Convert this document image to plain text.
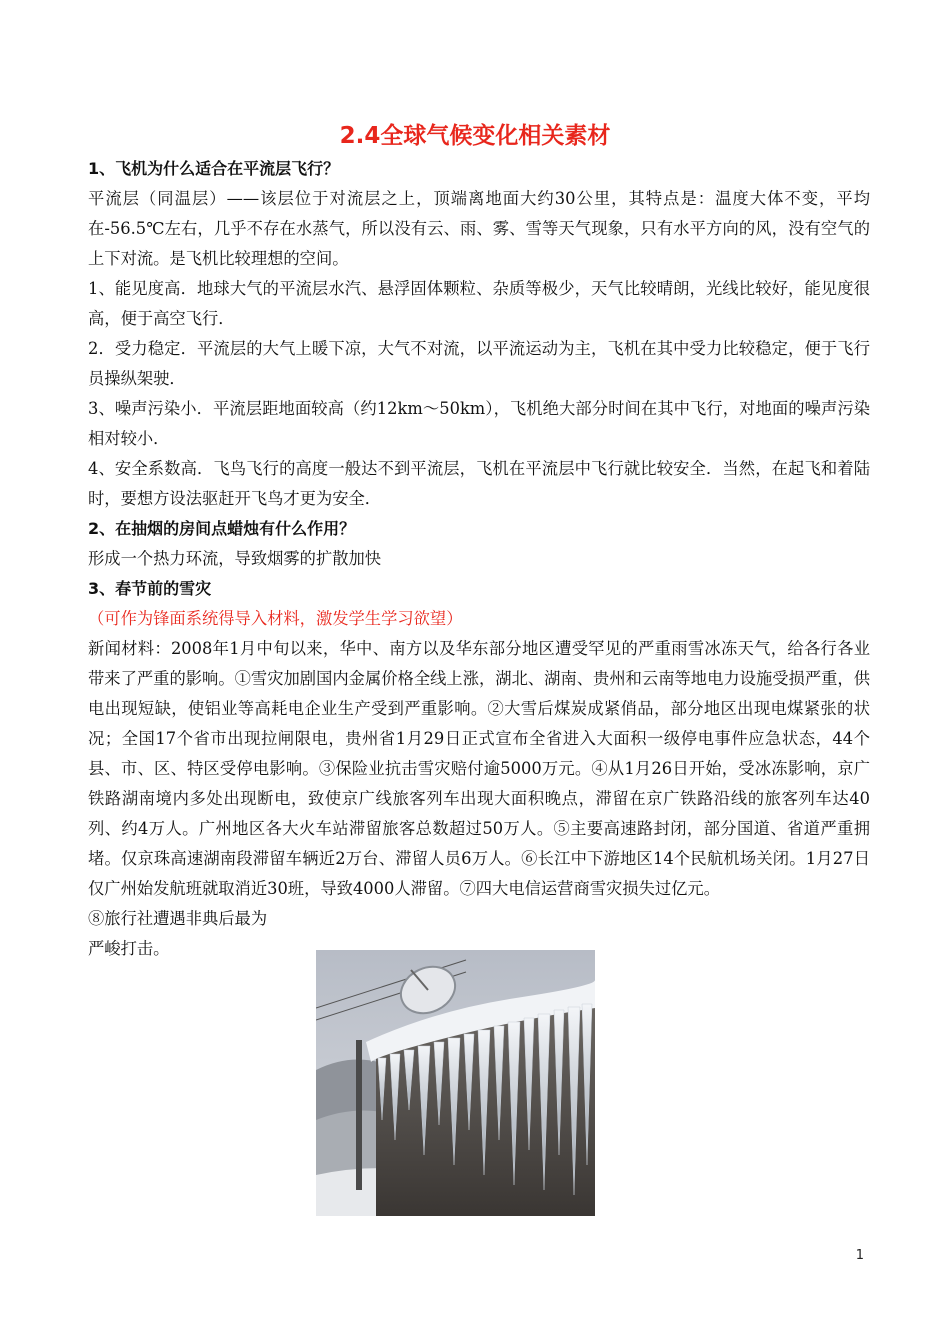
2.4全球气候变化相关素材

1、飞机为什么适合在平流层飞行？

平流层（同温层）——该层位于对流层之上，顶端离地面大约30公里，其特点是：温度大体不变，平均在-56.5℃左右，几乎不存在水蒸气，所以没有云、雨、雾、雪等天气现象，只有水平方向的风，没有空气的上下对流。是飞机比较理想的空间。

1、能见度高．地球大气的平流层水汽、悬浮固体颗粒、杂质等极少，天气比较晴朗，光线比较好，能见度很高，便于高空飞行．

2．受力稳定．平流层的大气上暖下凉，大气不对流，以平流运动为主，飞机在其中受力比较稳定，便于飞行员操纵架驶．

3、噪声污染小．平流层距地面较高（约12km～50km），飞机绝大部分时间在其中飞行，对地面的噪声污染相对较小．

4、安全系数高．飞鸟飞行的高度一般达不到平流层，飞机在平流层中飞行就比较安全．当然，在起飞和着陆时，要想方设法驱赶开飞鸟才更为安全．

2、在抽烟的房间点蜡烛有什么作用？

形成一个热力环流，导致烟雾的扩散加快

3、春节前的雪灾

（可作为锋面系统得导入材料，激发学生学习欲望）

新闻材料：2008年1月中旬以来，华中、南方以及华东部分地区遭受罕见的严重雨雪冰冻天气，给各行各业带来了严重的影响。①雪灾加剧国内金属价格全线上涨，湖北、湖南、贵州和云南等地电力设施受损严重，供电出现短缺，使铝业等高耗电企业生产受到严重影响。②大雪后煤炭成紧俏品，部分地区出现电煤紧张的状况；全国17个省市出现拉闸限电，贵州省1月29日正式宣布全省进入大面积一级停电事件应急状态，44个县、市、区、特区受停电影响。③保险业抗击雪灾赔付逾5000万元。④从1月26日开始，受冰冻影响，京广铁路湖南境内多处出现断电，致使京广线旅客列车出现大面积晚点，滞留在京广铁路沿线的旅客列车达40列、约4万人。广州地区各大火车站滞留旅客总数超过50万人。⑤主要高速路封闭，部分国道、省道严重拥堵。仅京珠高速湖南段滞留车辆近2万台、滞留人员6万人。⑥长江中下游地区14个民航机场关闭。1月27日仅广州始发航班就取消近30班，导致4000人滞留。⑦四大电信运营商雪灾损失过亿元。

⑧旅行社遭遇非典后最为

严峻打击。

1
